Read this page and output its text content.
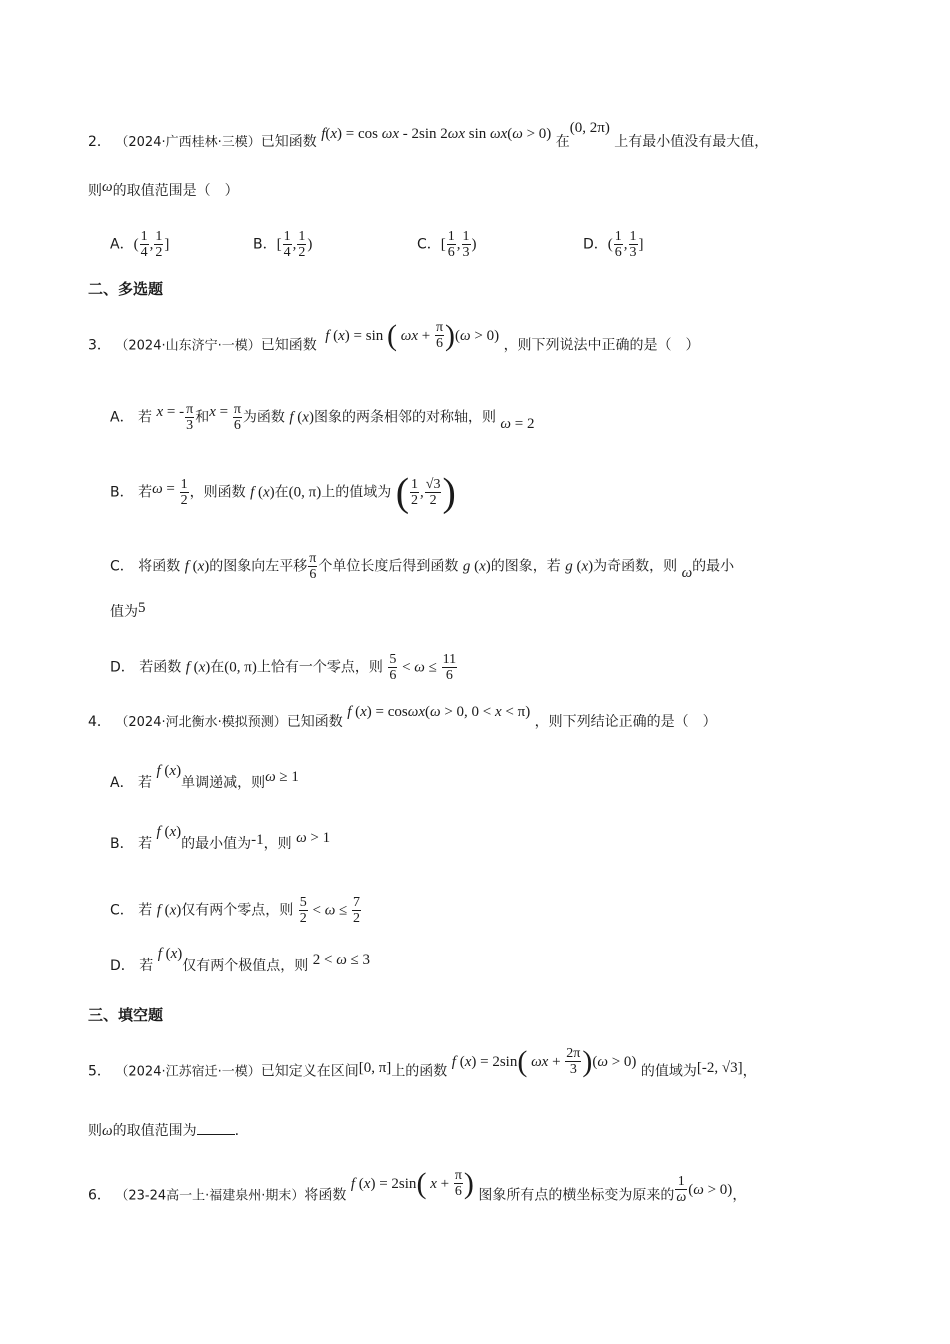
2． （2024·广西桂林·三模）已知函数 f(x) = cos ωx - 2sin 2ωx sin ωx(ω > 0) 在(0, 2π) 上有最小值没有最大值，
则ω的取值范围是（　）
A．( $\frac{1}{4}$ , $\frac{1}{2}$ ]	B．[ $\frac{1}{4}$ , $\frac{1}{2}$ )	C．[ $\frac{1}{6}$ , $\frac{1}{3}$ )	D．( $\frac{1}{6}$ , $\frac{1}{3}$ ]
二、多选题
3． （2024·山东济宁·一模）已知函数 f (x) = sin ( $\omega x + \frac{\pi}{6} )(\omega > 0)$ ，则下列说法中正确的是（　）
A． 若 x = - $\frac{\pi}{3}$ 和$x = \frac{\pi}{6}$ 为函数 f (x)图象的两条相邻的对称轴，则 ω = 2
B． 若$\omega = \frac{1}{2}$ ，则函数 f (x)在(0, π)上的值域为 ( $\frac{1}{2}$ , $\frac{√3}{2}$ )
C． 将函数 f (x)的图象向左平移 $\frac{\pi}{6}$ 个单位长度后得到函数 g (x)的图象，若 g (x)为奇函数，则 ω的最小
值为5
D． 若函数 f (x)在(0, π)上恰有一个零点，则 $\frac{5}{6} < \omega \le \frac{11}{6}$
4． （2024·河北衡水·模拟预测）已知函数 f (x) = cosωx(ω > 0, 0 < x < π) ，则下列结论正确的是（　）
A． 若 f (x)单调递减，则ω ≥ 1
B． 若 f (x)的最小值为-1，则 ω > 1
C． 若 f (x)仅有两个零点，则 $\frac{5}{2} < \omega \le \frac{7}{2}$
D． 若 f (x)仅有两个极值点，则 2 < ω ≤ 3
三、填空题
5． （2024·江苏宿迁·一模）已知定义在区间[0, π]上的函数 f (x) = 2sin( $\omega x + \frac{2\pi}{3} )(\omega > 0)$ 的值域为[-2, √3]，
则ω的取值范围为	.
6． （23-24高一上·福建泉州·期末）将函数 f (x) = 2sin( $x + \frac{\pi}{6}$ ) 图象所有点的横坐标变为原来的 $\frac{1}{\omega} (\omega > 0)$，
